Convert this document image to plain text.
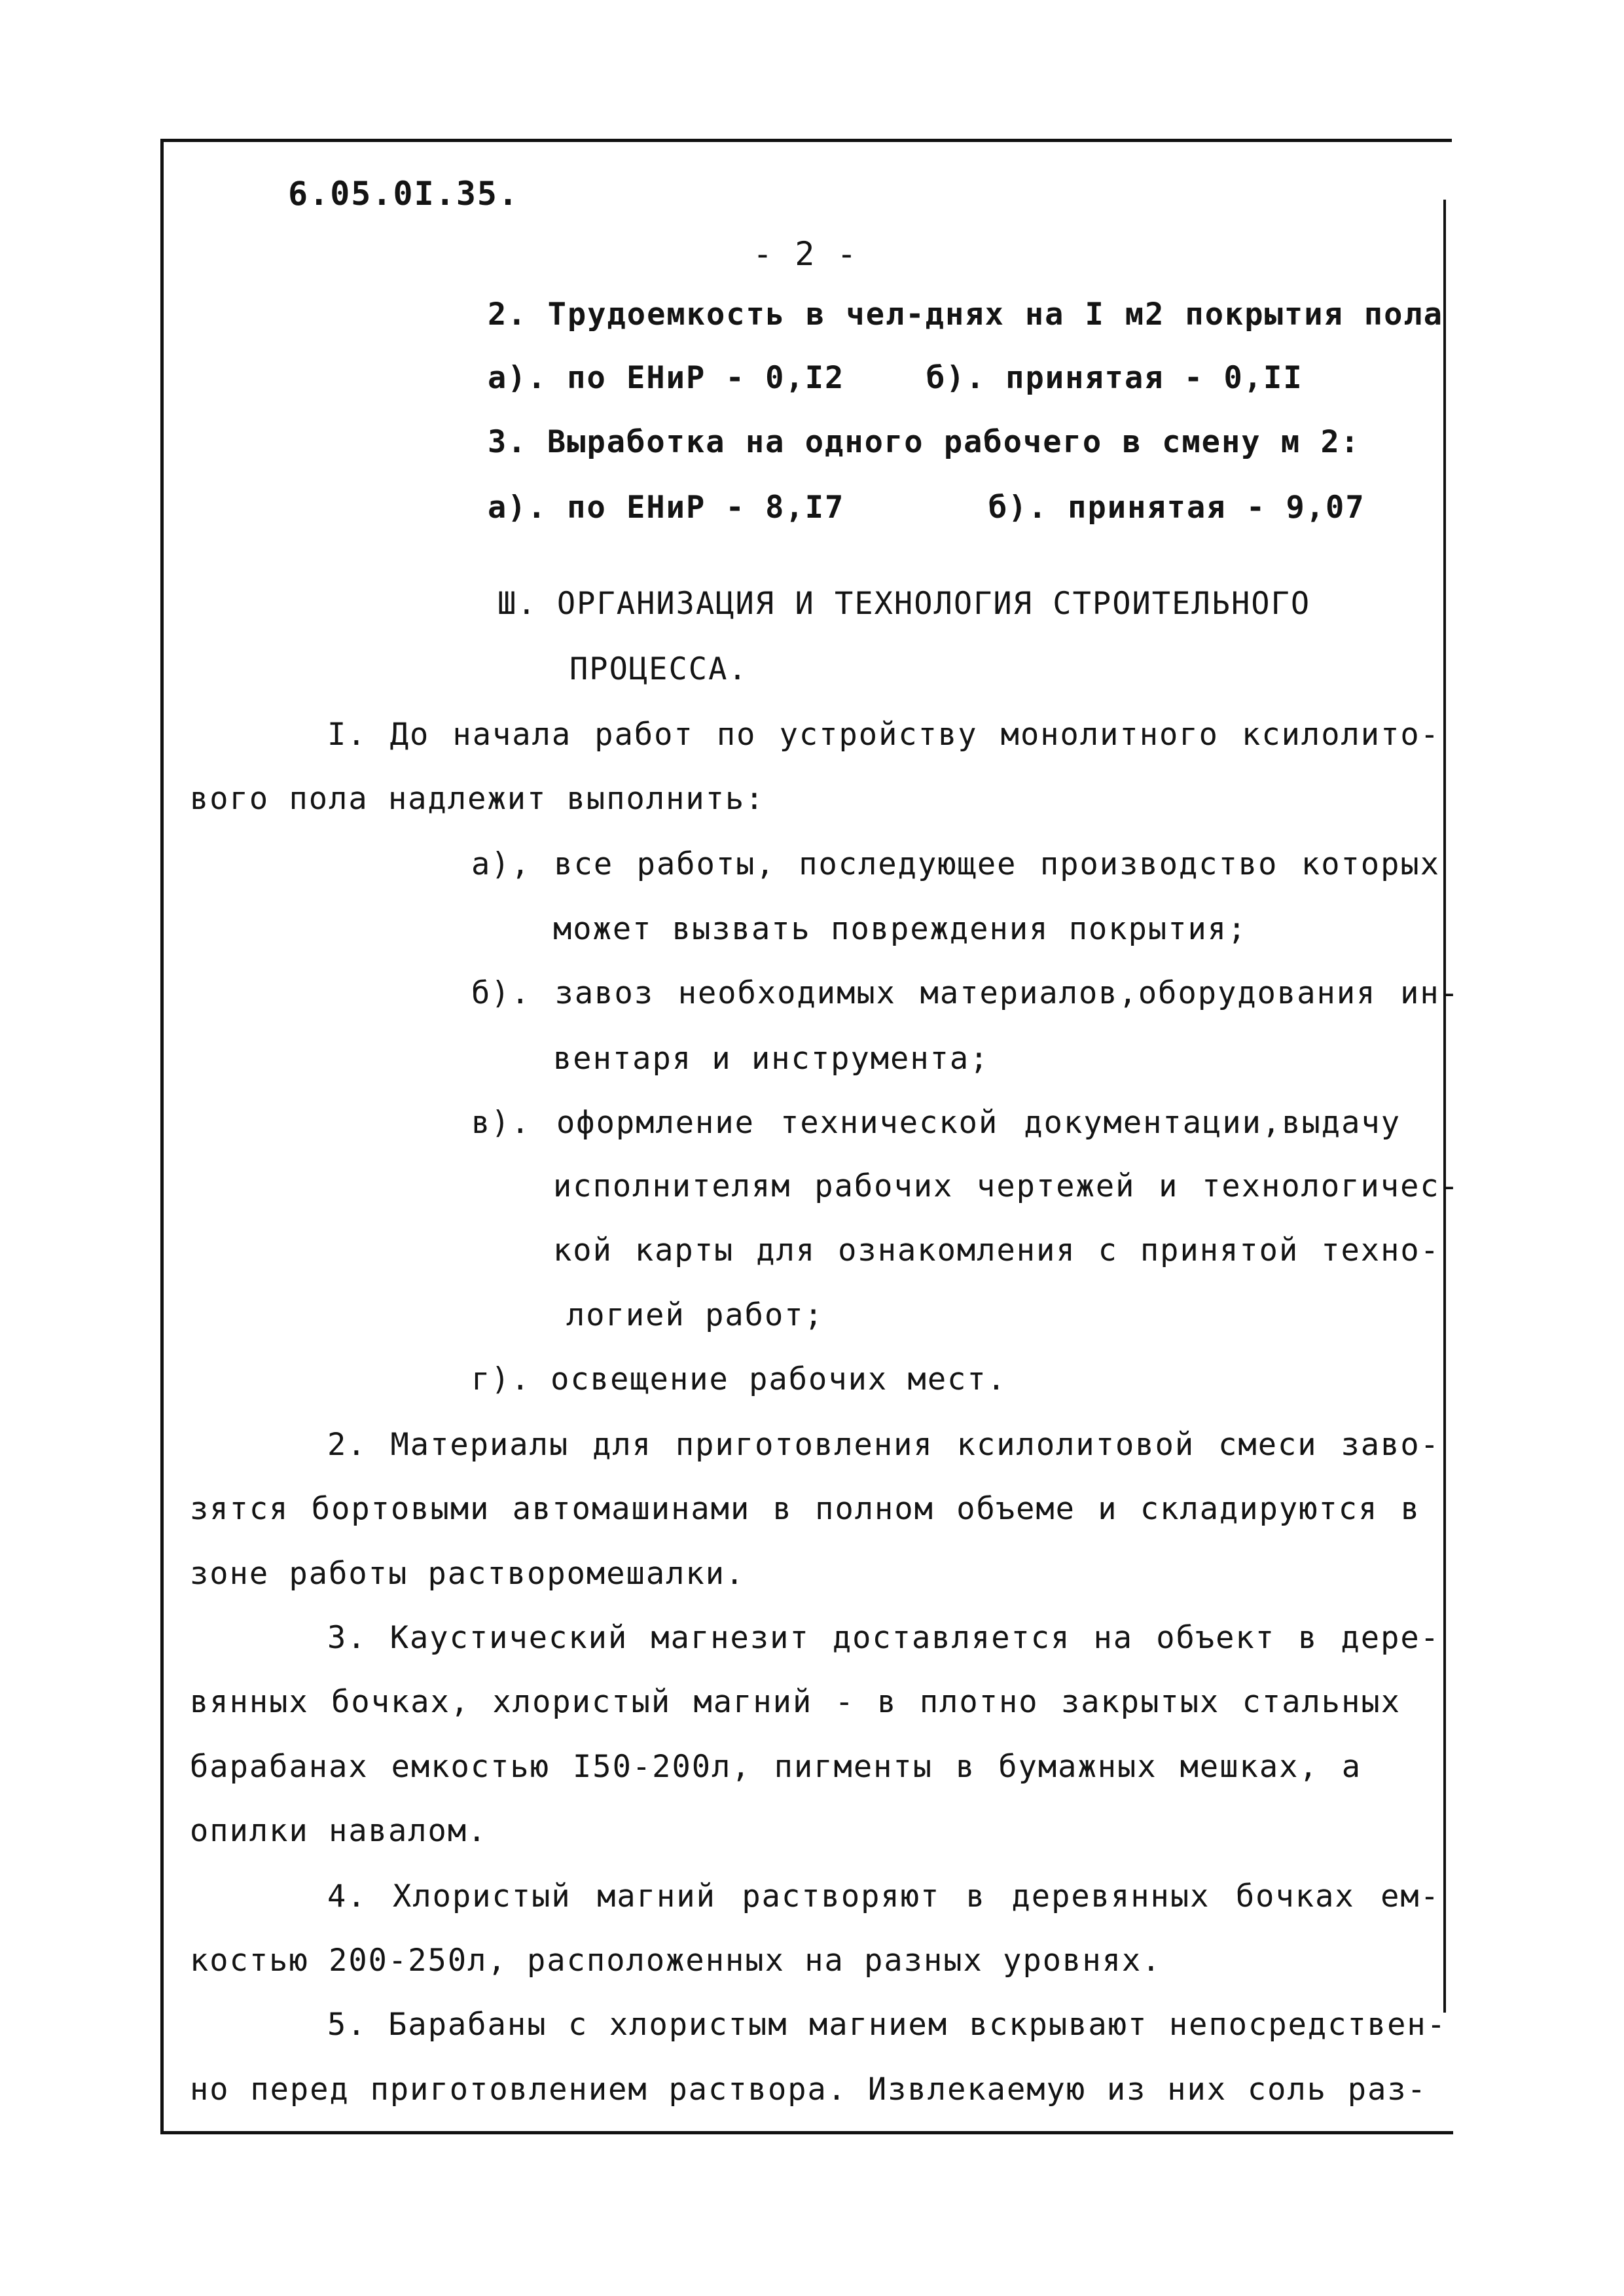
6.05.0I.35.

- 2 -

2. Трудоемкость в чел-днях на I м2 покрытия пола

а). по ЕНиР - 0,I2	б). принятая - 0,II

3. Выработка на одного рабочего в смену м 2:

а). по ЕНиР - 8,I7	б). принятая - 9,07

Ш. ОРГАНИЗАЦИЯ И ТЕХНОЛОГИЯ СТРОИТЕЛЬНОГО

ПРОЦЕССА.

I. До начала работ по устройству монолитного ксилолито-

вого пола надлежит выполнить:

а), все работы, последующее производство которых

может вызвать повреждения покрытия;

б). завоз необходимых материалов,оборудования ин-

вентаря и инструмента;

в). оформление технической документации,выдачу

исполнителям рабочих чертежей и технологичес-

кой карты для ознакомления с принятой техно-

логией работ;

г). освещение рабочих мест.

2. Материалы для приготовления ксилолитовой смеси заво-

зятся бортовыми автомашинами в полном объеме и складируются в

зоне работы растворомешалки.

3. Каустический магнезит доставляется на объект в дере-

вянных бочках, хлористый магний - в плотно закрытых стальных

барабанах емкостью I50-200л, пигменты в бумажных мешках, а

опилки навалом.

4. Хлористый магний растворяют в деревянных бочках ем-

костью 200-250л, расположенных на разных уровнях.

5. Барабаны с хлористым магнием вскрывают непосредствен-

но перед приготовлением раствора. Извлекаемую из них соль раз-
